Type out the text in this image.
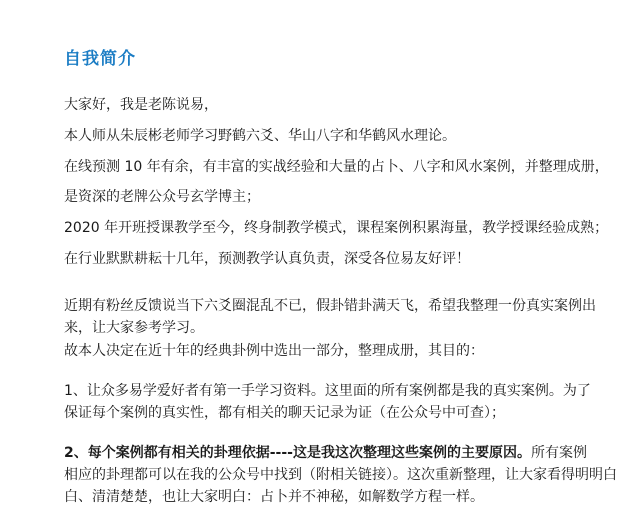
自我简介
大家好，我是老陈说易，
本人师从朱辰彬老师学习野鹤六爻、华山八字和华鹤风水理论。
在线预测 10 年有余，有丰富的实战经验和大量的占卜、八字和风水案例，并整理成册，
是资深的老牌公众号玄学博主；
2020 年开班授课教学至今，终身制教学模式，课程案例积累海量，教学授课经验成熟；
在行业默默耕耘十几年，预测教学认真负责，深受各位易友好评！
近期有粉丝反馈说当下六爻圈混乱不已，假卦错卦满天飞，希望我整理一份真实案例出
来，让大家参考学习。
故本人决定在近十年的经典卦例中选出一部分，整理成册，其目的：
1、让众多易学爱好者有第一手学习资料。这里面的所有案例都是我的真实案例。为了
保证每个案例的真实性，都有相关的聊天记录为证（在公众号中可查）；
2、每个案例都有相关的卦理依据----这是我这次整理这些案例的主要原因。所有案例
相应的卦理都可以在我的公众号中找到（附相关链接）。这次重新整理，让大家看得明明白
白、清清楚楚，也让大家明白：占卜并不神秘，如解数学方程一样。
